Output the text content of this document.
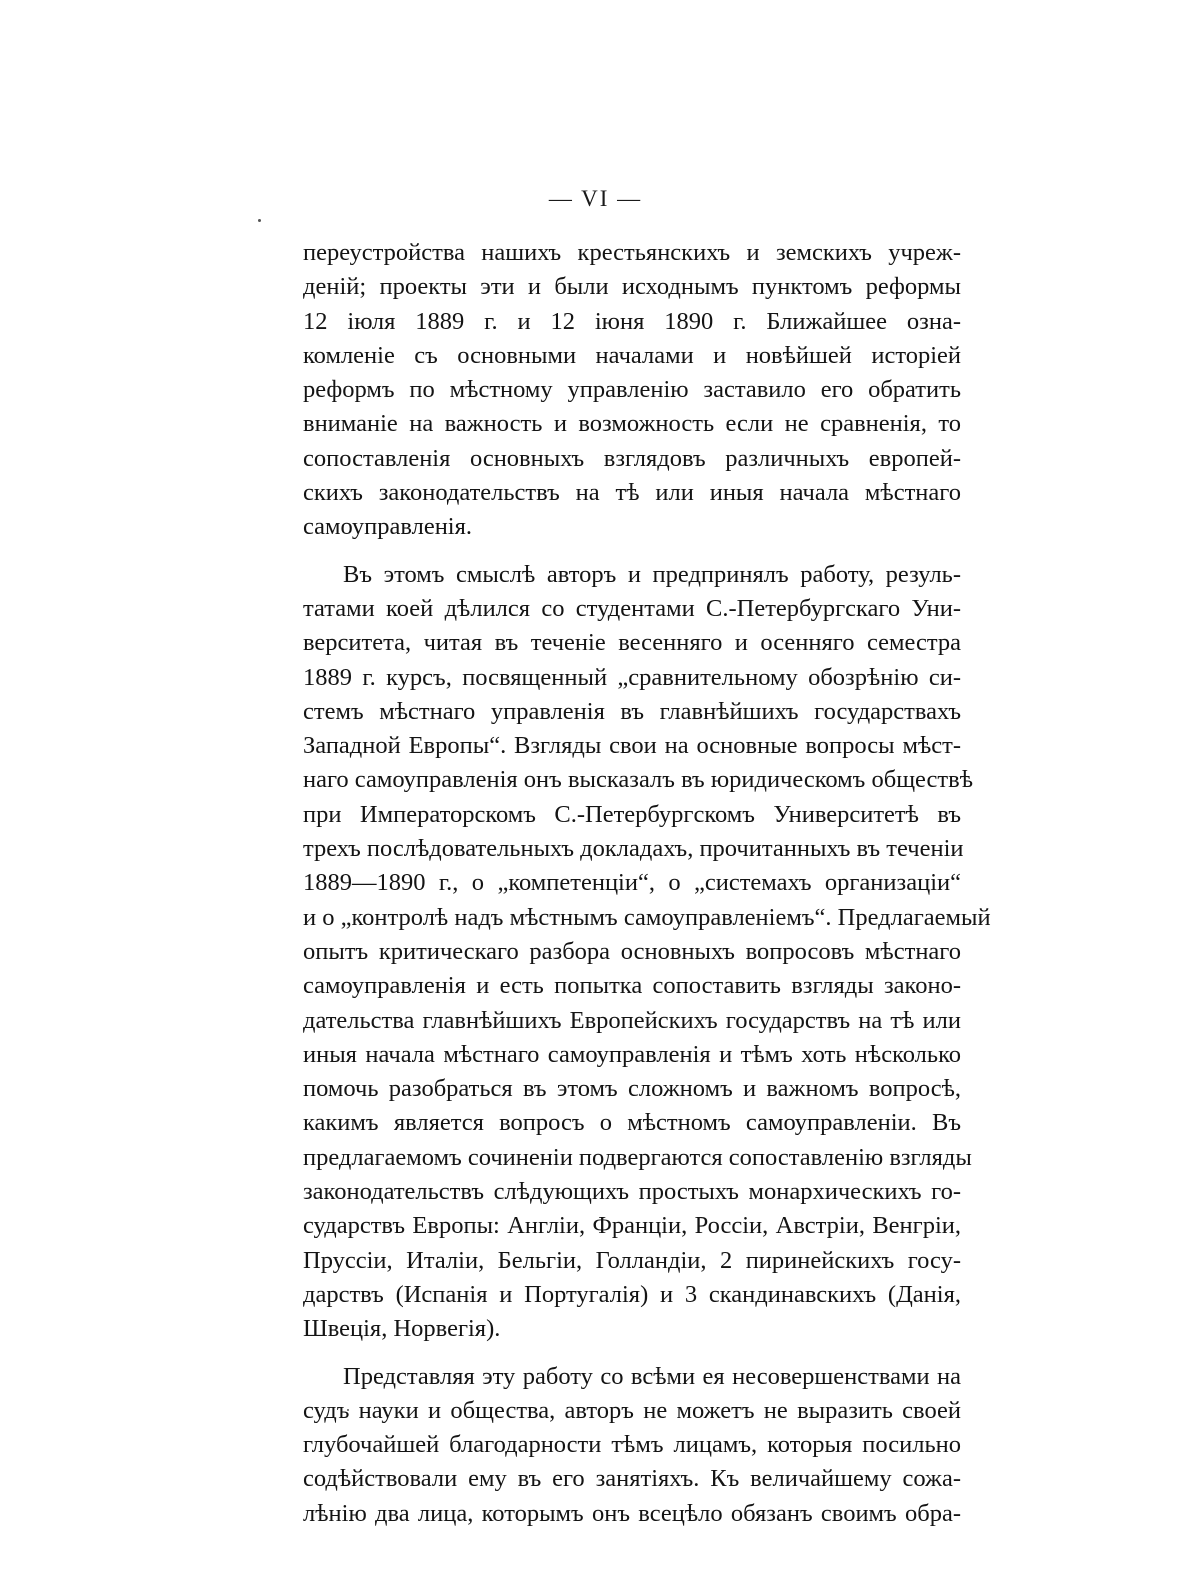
— VI —
переустройства нашихъ крестьянскихъ и земскихъ учреж-
деній; проекты эти и были исходнымъ пунктомъ реформы
12 іюля 1889 г. и 12 іюня 1890 г. Ближайшее озна-
комленіе съ основными началами и новѣйшей исторіей
реформъ по мѣстному управленію заставило его обратить
вниманіе на важность и возможность если не сравненія, то
сопоставленія основныхъ взглядовъ различныхъ европей-
скихъ законодательствъ на тѣ или иныя начала мѣстнаго
самоуправленія.
Въ этомъ смыслѣ авторъ и предпринялъ работу, резуль-
татами коей дѣлился со студентами С.-Петербургскаго Уни-
верситета, читая въ теченіе весенняго и осенняго семестра
1889 г. курсъ, посвященный „сравнительному обозрѣнію си-
стемъ мѣстнаго управленія въ главнѣйшихъ государствахъ
Западной Европы“. Взгляды свои на основные вопросы мѣст-
наго самоуправленія онъ высказалъ въ юридическомъ обществѣ
при Императорскомъ С.-Петербургскомъ Университетѣ въ
трехъ послѣдовательныхъ докладахъ, прочитанныхъ въ теченіи
1889—1890 г., о „компетенціи“, о „системахъ организаціи“
и о „контролѣ надъ мѣстнымъ самоуправленіемъ“. Предлагаемый
опытъ критическаго разбора основныхъ вопросовъ мѣстнаго
самоуправленія и есть попытка сопоставить взгляды законо-
дательства главнѣйшихъ Европейскихъ государствъ на тѣ или
иныя начала мѣстнаго самоуправленія и тѣмъ хоть нѣсколько
помочь разобраться въ этомъ сложномъ и важномъ вопросѣ,
какимъ является вопросъ о мѣстномъ самоуправленіи. Въ
предлагаемомъ сочиненіи подвергаются сопоставленію взгляды
законодательствъ слѣдующихъ простыхъ монархическихъ го-
сударствъ Европы: Англіи, Франціи, Россіи, Австріи, Венгріи,
Пруссіи, Италіи, Бельгіи, Голландіи, 2 пиринейскихъ госу-
дарствъ (Испанія и Португалія) и 3 скандинавскихъ (Данія,
Швеція, Норвегія).
Представляя эту работу со всѣми ея несовершенствами на
судъ науки и общества, авторъ не можетъ не выразить своей
глубочайшей благодарности тѣмъ лицамъ, которыя посильно
содѣйствовали ему въ его занятіяхъ. Къ величайшему сожа-
лѣнію два лица, которымъ онъ всецѣло обязанъ своимъ обра-
